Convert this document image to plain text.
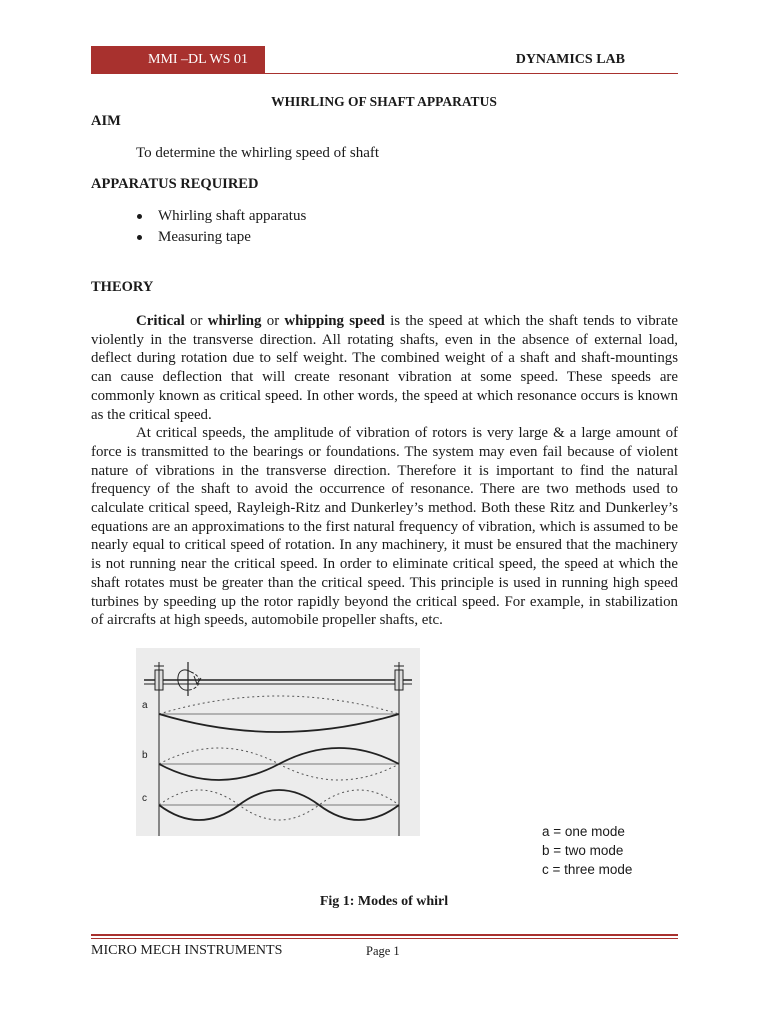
MMI –DL WS 01	DYNAMICS LAB
WHIRLING OF SHAFT APPARATUS
AIM
To determine the whirling speed of shaft
APPARATUS REQUIRED
Whirling shaft apparatus
Measuring tape
THEORY

Critical or whirling or whipping speed is the speed at which the shaft tends to vibrate violently in the transverse direction. All rotating shafts, even in the absence of external load, deflect during rotation due to self weight. The combined weight of a shaft and shaft-mountings can cause deflection that will create resonant vibration at some speed. These speeds are commonly known as critical speed. In other words, the speed at which resonance occurs is known as the critical speed.

At critical speeds, the amplitude of vibration of rotors is very large & a large amount of force is transmitted to the bearings or foundations. The system may even fail because of violent nature of vibrations in the transverse direction. Therefore it is important to find the natural frequency of the shaft to avoid the occurrence of resonance. There are two methods used to calculate critical speed, Rayleigh-Ritz and Dunkerley’s method. Both these Ritz and Dunkerley’s equations are an approximations to the first natural frequency of vibration, which is assumed to be nearly equal to critical speed of rotation. In any machinery, it must be ensured that the machinery is not running near the critical speed. In order to eliminate critical speed, the speed at which the shaft rotates must be greater than the critical speed. This principle is used in running high speed turbines by speeding up the rotor rapidly beyond the critical speed. For example, in stabilization of aircrafts at high speeds, automobile propeller shafts, etc.

a
b
c
a = one mode
b = two mode
c = three mode
Fig 1: Modes of whirl
MICRO MECH INSTRUMENTS	Page 1
